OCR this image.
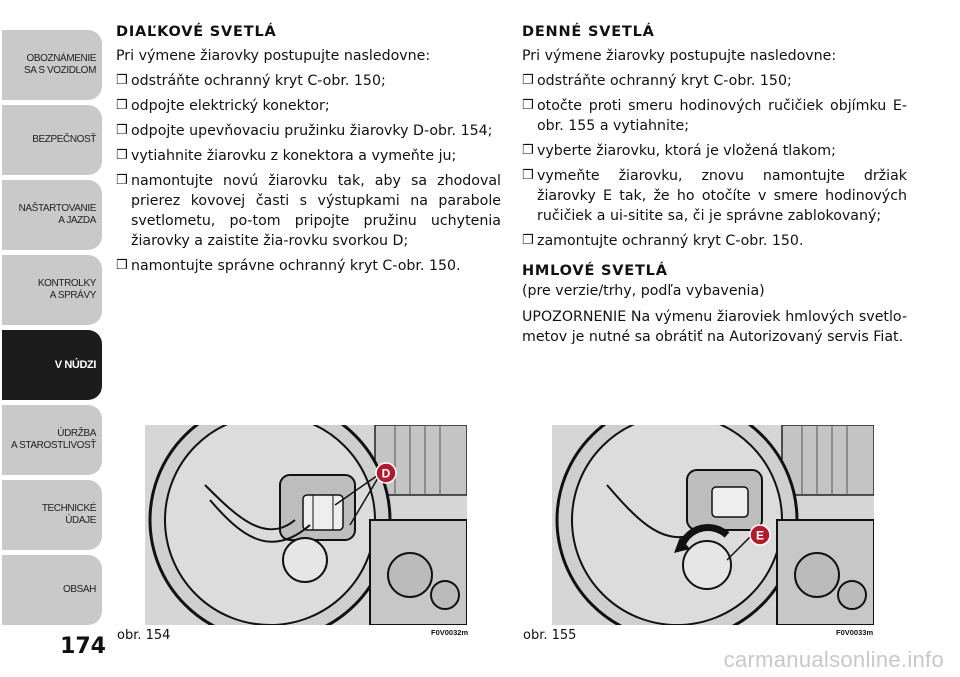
OBOZNÁMENIE
SA S VOZIDLOM
BEZPEČNOSŤ
NAŠTARTOVANIE
A JAZDA
KONTROLKY
A SPRÁVY
V NÚDZI
ÚDRŽBA
A STAROSTLIVOSŤ
TECHNICKÉ
ÚDAJE
OBSAH
174
DIAĽKOVÉ SVETLÁ
Pri výmene žiarovky postupujte nasledovne:
❒ odstráňte ochranný kryt C-obr. 150;
❒ odpojte elektrický konektor;
❒ odpojte upevňovaciu pružinku žiarovky D-obr. 154;
❒ vytiahnite žiarovku z konektora a vymeňte ju;
❒ namontujte novú žiarovku tak, aby sa zhodoval prierez kovovej časti s výstupkami na parabole svetlometu, po-tom pripojte pružinu uchytenia žiarovky a zaistite žia-rovku svorkou D;
❒ namontujte správne ochranný kryt C-obr. 150.
DENNÉ SVETLÁ
Pri výmene žiarovky postupujte nasledovne:
❒ odstráňte ochranný kryt C-obr. 150;
❒ otočte proti smeru hodinových ručičiek objímku E-obr. 155 a vytiahnite;
❒ vyberte žiarovku, ktorá je vložená tlakom;
❒ vymeňte žiarovku, znovu namontujte držiak žiarovky E tak, že ho otočíte v smere hodinových ručičiek a ui-sitite sa, či je správne zablokovaný;
❒ zamontujte ochranný kryt C-obr. 150.
HMLOVÉ SVETLÁ
(pre verzie/trhy, podľa vybavenia)
UPOZORNENIE Na výmenu žiaroviek hmlových svetlo-metov je nutné sa obrátiť na Autorizovaný servis Fiat.
D
obr. 154	F0V0032m
E
obr. 155	F0V0033m
carmanualsonline.info
